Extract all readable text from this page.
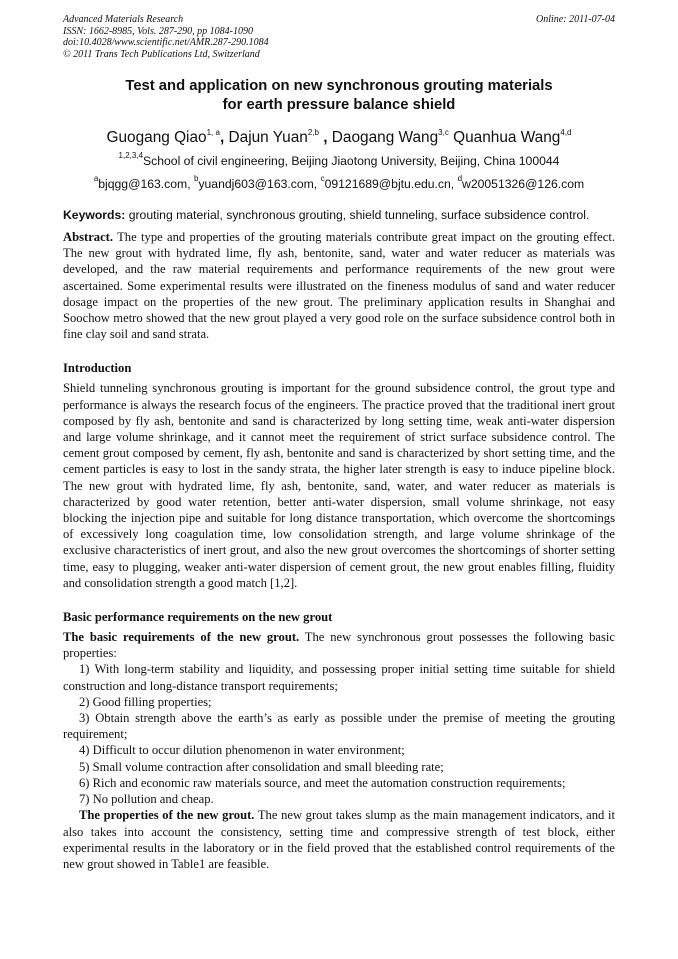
Advanced Materials Research
ISSN: 1662-8985, Vols. 287-290, pp 1084-1090
doi:10.4028/www.scientific.net/AMR.287-290.1084
© 2011 Trans Tech Publications Ltd, Switzerland
Online: 2011-07-04
Test and application on new synchronous grouting materials
for earth pressure balance shield
Guogang Qiao$^{1, a}$, Dajun Yuan$^{2,b}$ , Daogang Wang$^{3,c}$ Quanhua Wang$^{4,d}$
$^{1,2,3,4}$School of civil engineering, Beijing Jiaotong University, Beijing, China 100044
$^a$bjqgg@163.com, $^b$yuandj603@163.com, $^c$09121689@bjtu.edu.cn, $^d$w20051326@126.com
Keywords: grouting material, synchronous grouting, shield tunneling, surface subsidence control.

Abstract. The type and properties of the grouting materials contribute great impact on the grouting effect. The new grout with hydrated lime, fly ash, bentonite, sand, water and water reducer as materials was developed, and the raw material requirements and performance requirements of the new grout were ascertained. Some experimental results were illustrated on the fineness modulus of sand and water reducer dosage impact on the properties of the new grout. The preliminary application results in Shanghai and Soochow metro showed that the new grout played a very good role on the surface subsidence control both in fine clay soil and sand strata.

Introduction

Shield tunneling synchronous grouting is important for the ground subsidence control, the grout type and performance is always the research focus of the engineers. The practice proved that the traditional inert grout composed by fly ash, bentonite and sand is characterized by long setting time, weak anti-water dispersion and large volume shrinkage, and it cannot meet the requirement of strict surface subsidence control. The cement grout composed by cement, fly ash, bentonite and sand is characterized by short setting time, and the cement particles is easy to lost in the sandy strata, the higher later strength is easy to induce pipeline block. The new grout with hydrated lime, fly ash, bentonite, sand, water, and water reducer as materials is characterized by good water retention, better anti-water dispersion, small volume shrinkage, not easy blocking the injection pipe and suitable for long distance transportation, which overcome the shortcomings of excessively long coagulation time, low consolidation strength, and large volume shrinkage of the exclusive characteristics of inert grout, and also the new grout overcomes the shortcomings of shorter setting time, easy to plugging, weaker anti-water dispersion of cement grout, the new grout enables filling, fluidity and consolidation strength a good match [1,2].

Basic performance requirements on the new grout

The basic requirements of the new grout. The new synchronous grout possesses the following basic properties:

1) With long-term stability and liquidity, and possessing proper initial setting time suitable for shield construction and long-distance transport requirements;
2) Good filling properties;
3) Obtain strength above the earth’s as early as possible under the premise of meeting the grouting requirement;
4) Difficult to occur dilution phenomenon in water environment;
5) Small volume contraction after consolidation and small bleeding rate;
6) Rich and economic raw materials source, and meet the automation construction requirements;
7) No pollution and cheap.

The properties of the new grout. The new grout takes slump as the main management indicators, and it also takes into account the consistency, setting time and compressive strength of test block, either experimental results in the laboratory or in the field proved that the established control requirements of the new grout showed in Table1 are feasible.
